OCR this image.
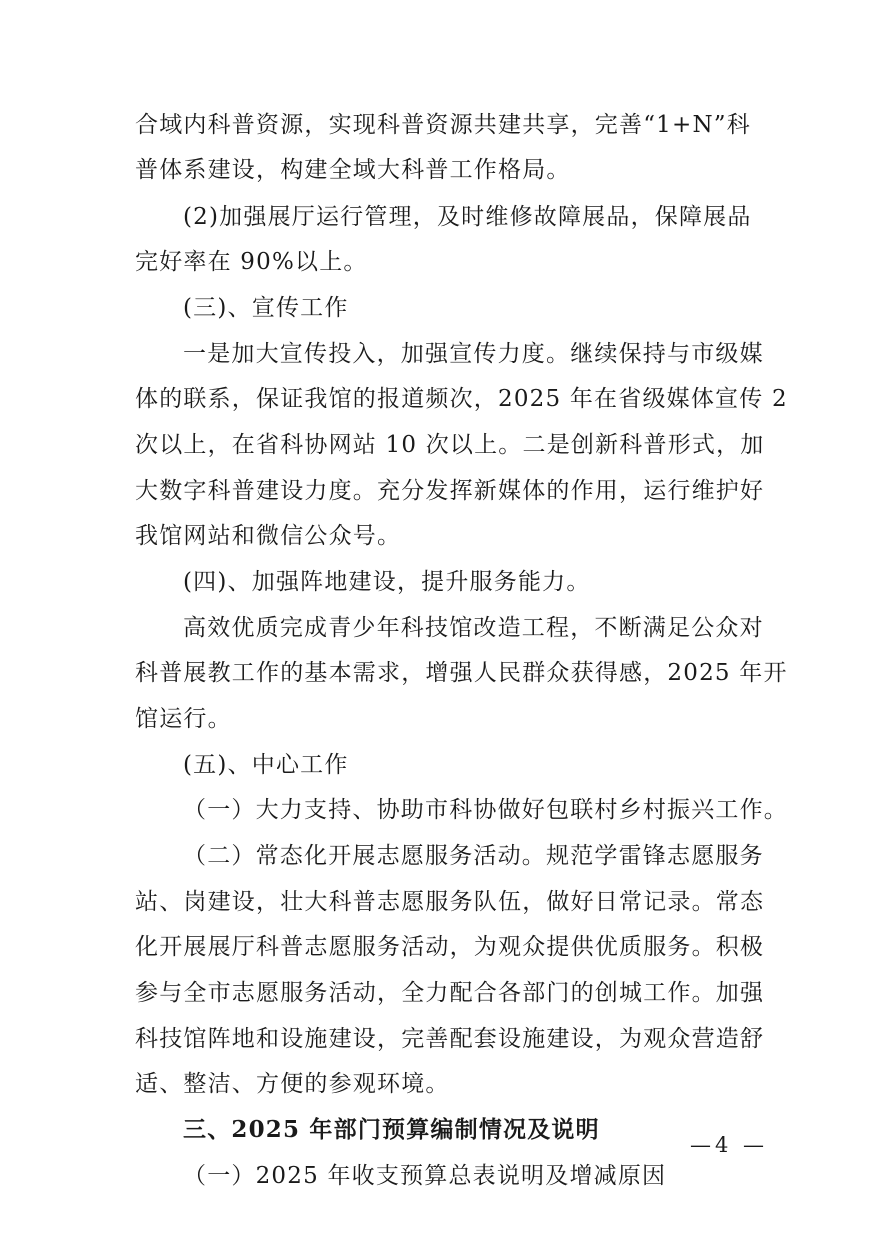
合域内科普资源，实现科普资源共建共享，完善“1+N”科
普体系建设，构建全域大科普工作格局。
(2)加强展厅运行管理，及时维修故障展品，保障展品
完好率在 90%以上。
(三)、宣传工作
一是加大宣传投入，加强宣传力度。继续保持与市级媒
体的联系，保证我馆的报道频次，2025 年在省级媒体宣传 2
次以上，在省科协网站 10 次以上。二是创新科普形式，加
大数字科普建设力度。充分发挥新媒体的作用，运行维护好
我馆网站和微信公众号。
(四)、加强阵地建设，提升服务能力。
高效优质完成青少年科技馆改造工程，不断满足公众对
科普展教工作的基本需求，增强人民群众获得感，2025 年开
馆运行。
(五)、中心工作
（一）大力支持、协助市科协做好包联村乡村振兴工作。
（二）常态化开展志愿服务活动。规范学雷锋志愿服务
站、岗建设，壮大科普志愿服务队伍，做好日常记录。常态
化开展展厅科普志愿服务活动，为观众提供优质服务。积极
参与全市志愿服务活动，全力配合各部门的创城工作。加强
科技馆阵地和设施建设，完善配套设施建设，为观众营造舒
适、整洁、方便的参观环境。
三、2025 年部门预算编制情况及说明
（一）2025 年收支预算总表说明及增减原因
—4 —
